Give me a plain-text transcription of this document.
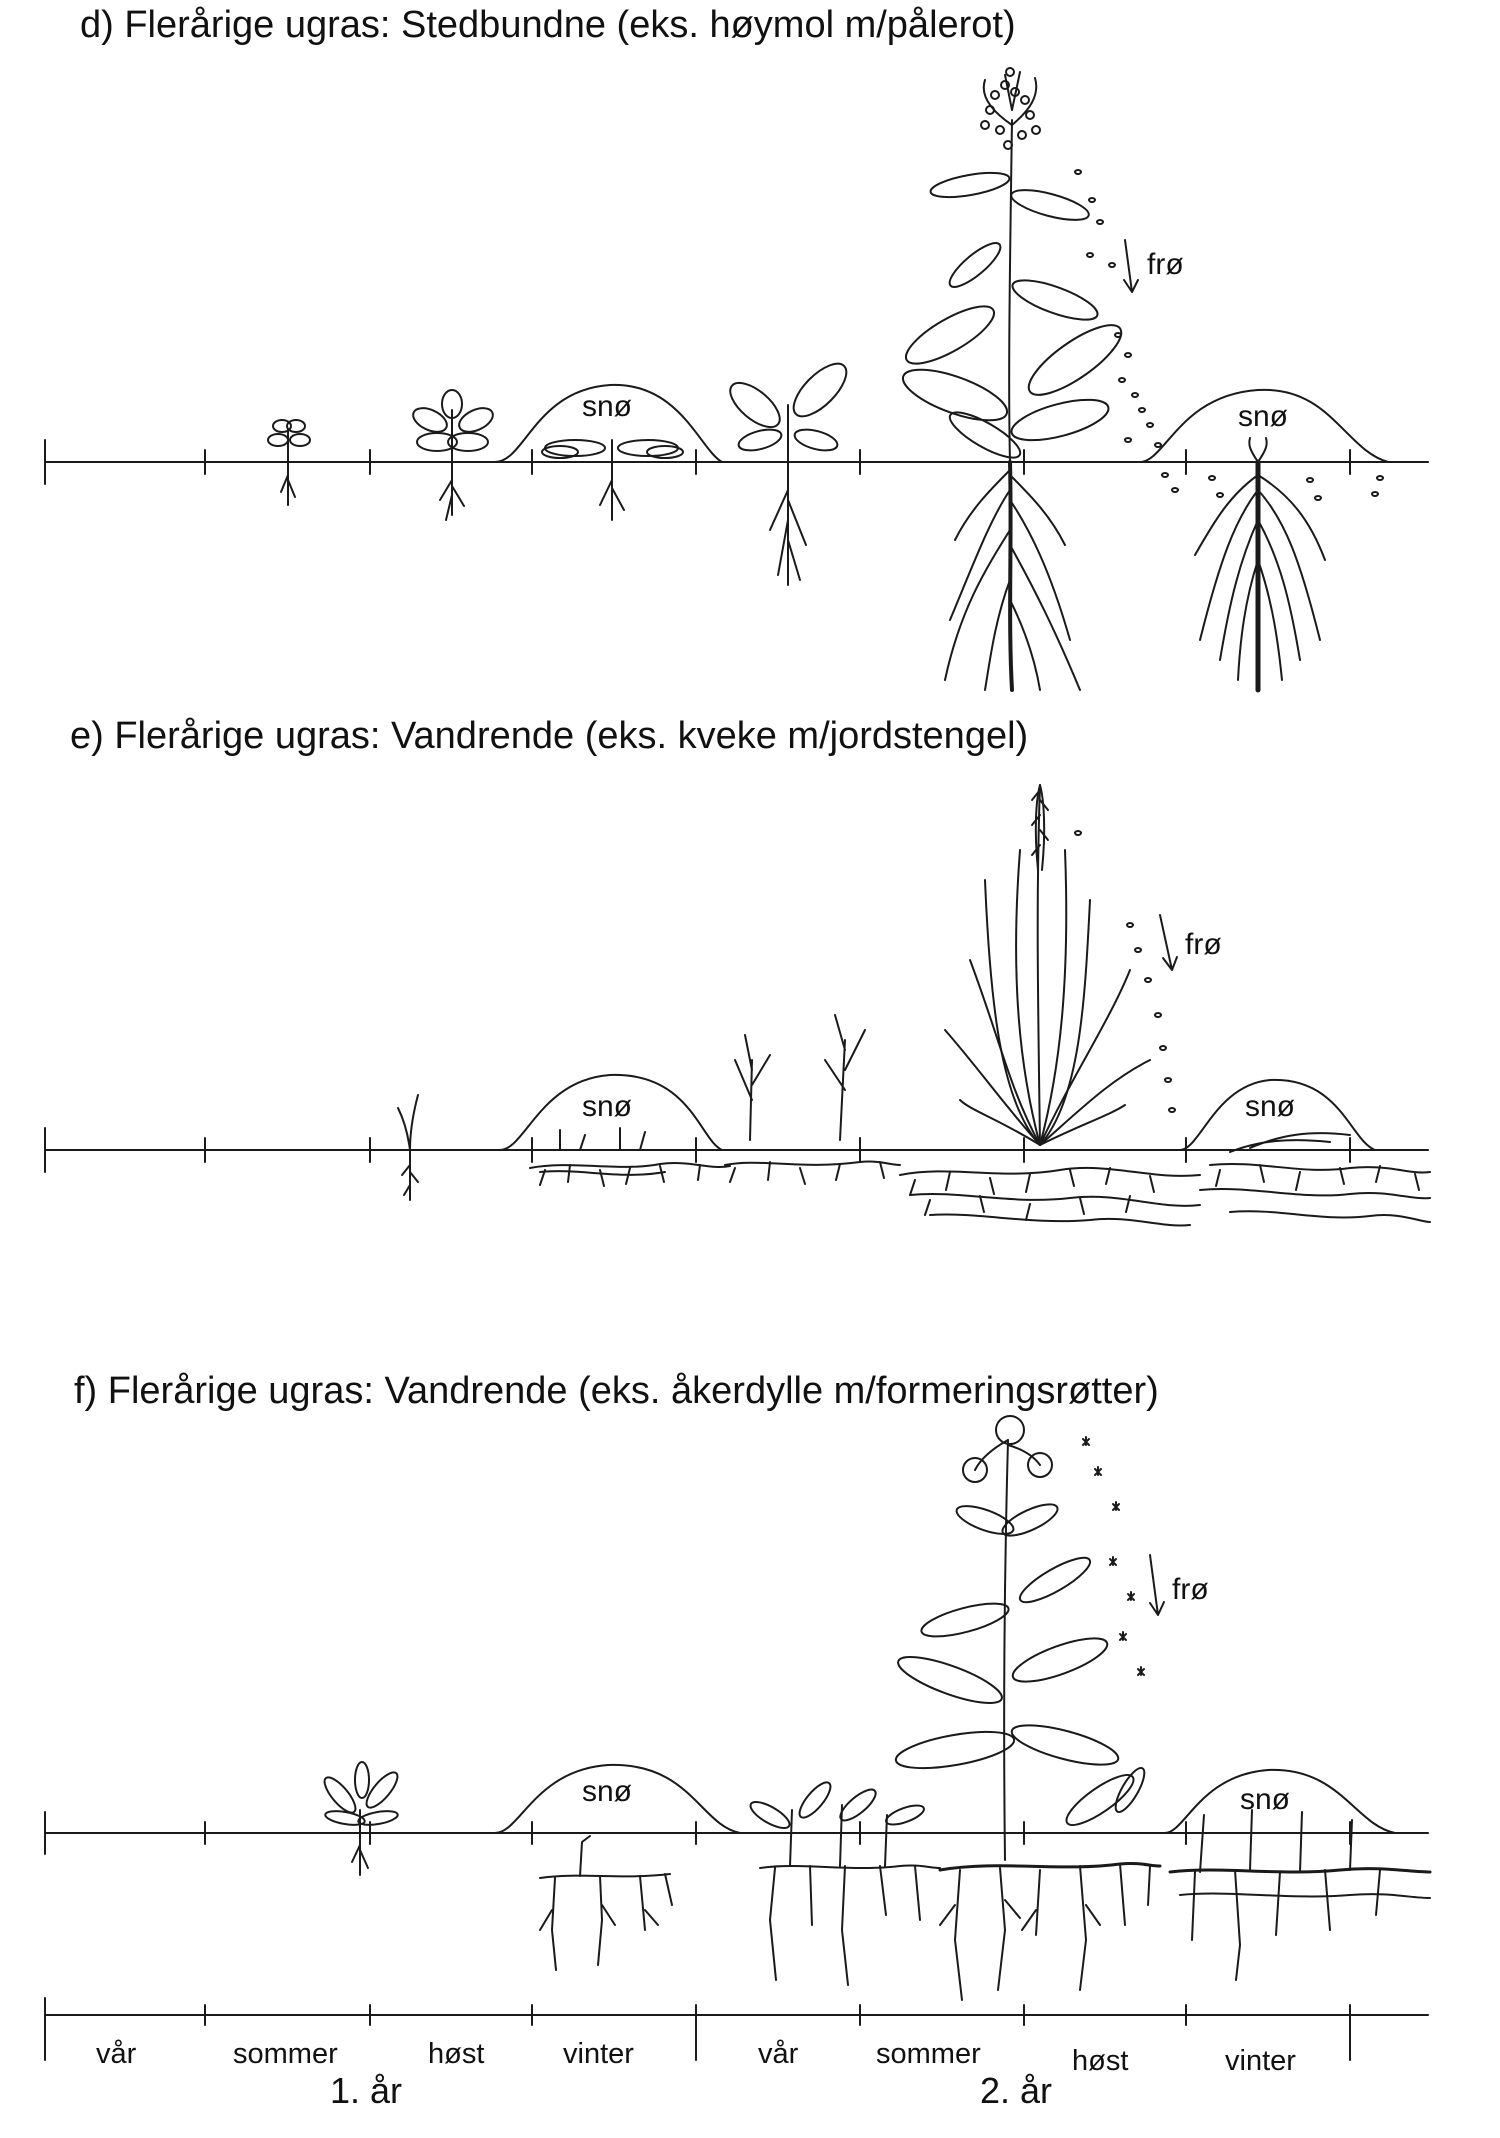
d) Flerårige ugras: Stedbundne (eks. høymol m/pålerot)
e) Flerårige ugras: Vandrende (eks. kveke m/jordstengel)
f) Flerårige ugras: Vandrende (eks. åkerdylle m/formeringsrøtter)
snø	snø
frø
snø	snø
frø
snø	snø
frø
vår	sommer	høst	vinter	vår	sommer	høst	vinter
1. år	2. år
